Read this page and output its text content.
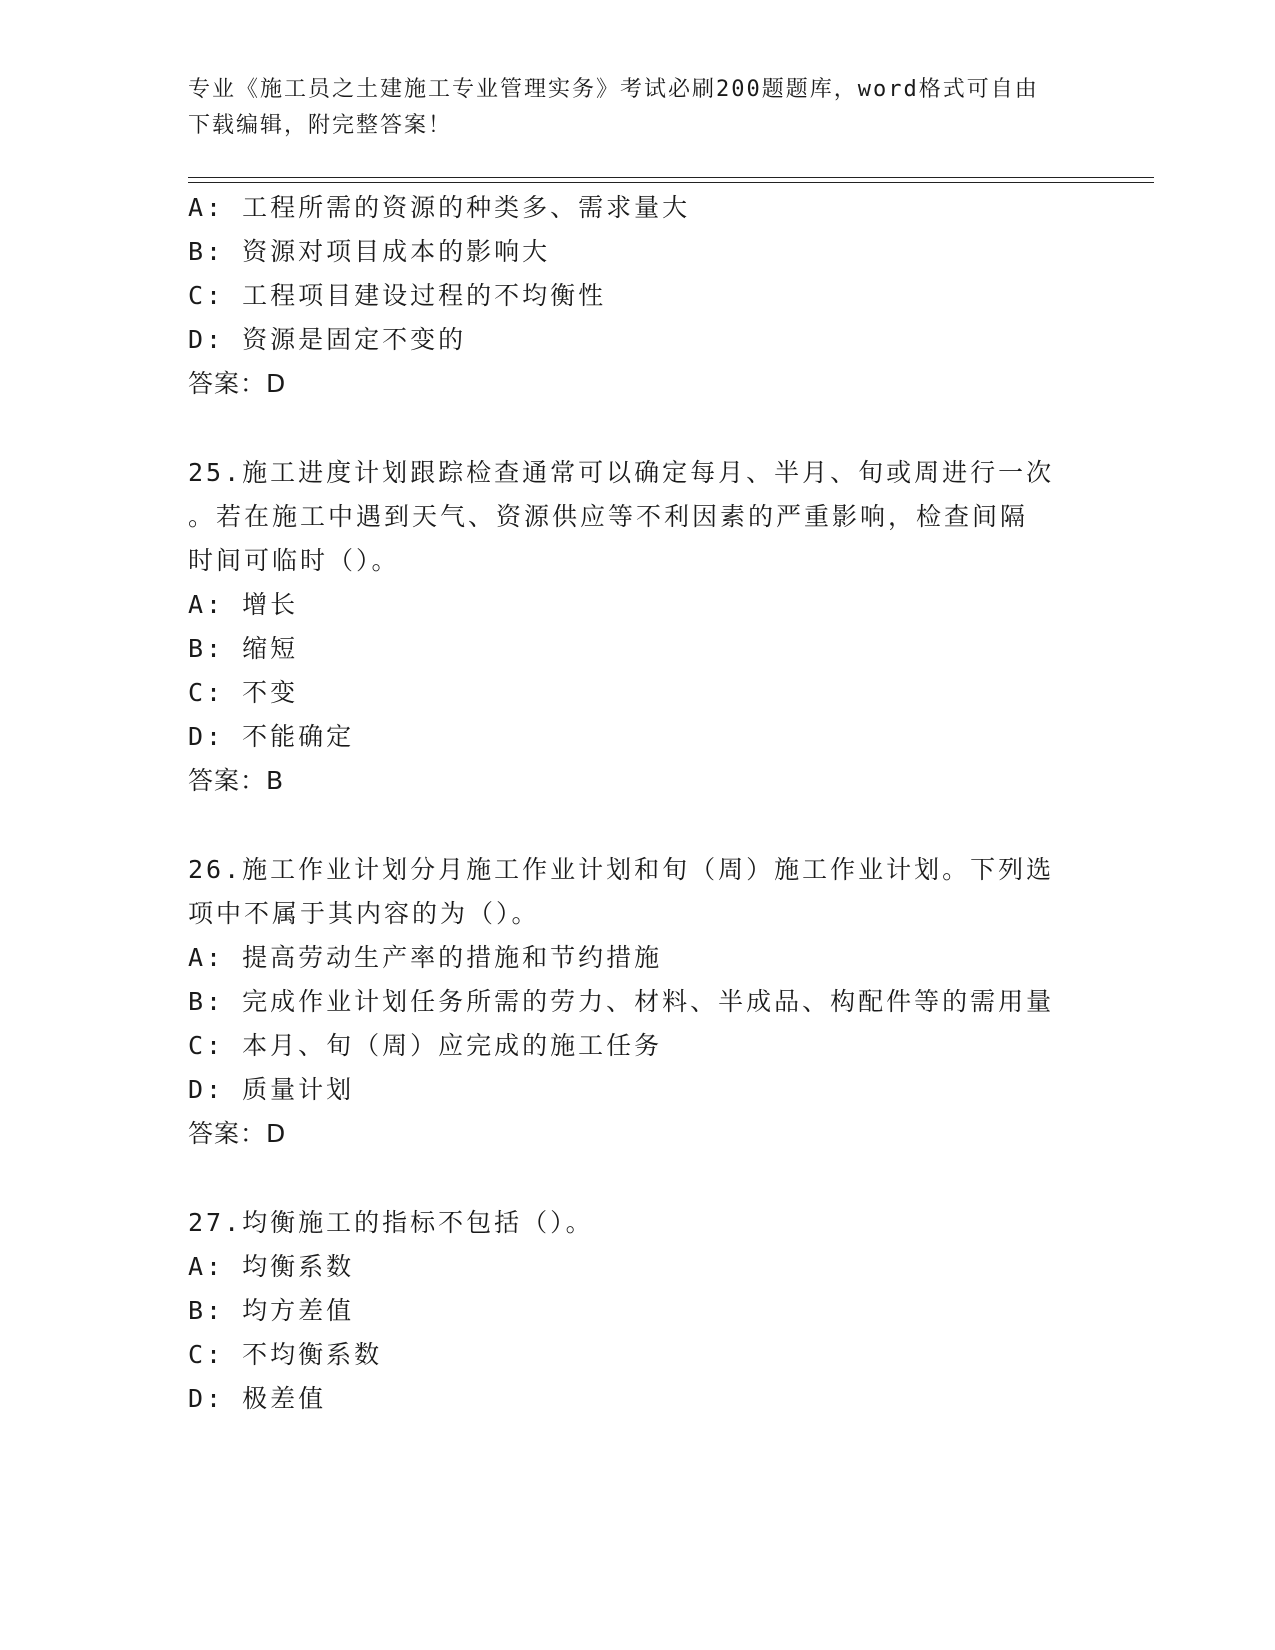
专业《施工员之土建施工专业管理实务》考试必刷200题题库，word格式可自由
下载编辑，附完整答案！
A: 工程所需的资源的种类多、需求量大
B: 资源对项目成本的影响大
C: 工程项目建设过程的不均衡性
D: 资源是固定不变的
答案：D
25.施工进度计划跟踪检查通常可以确定每月、半月、旬或周进行一次
。若在施工中遇到天气、资源供应等不利因素的严重影响，检查间隔
时间可临时（）。
A: 增长
B: 缩短
C: 不变
D: 不能确定
答案：B
26.施工作业计划分月施工作业计划和旬（周）施工作业计划。下列选
项中不属于其内容的为（）。
A: 提高劳动生产率的措施和节约措施
B: 完成作业计划任务所需的劳力、材料、半成品、构配件等的需用量
C: 本月、旬（周）应完成的施工任务
D: 质量计划
答案：D
27.均衡施工的指标不包括（）。
A: 均衡系数
B: 均方差值
C: 不均衡系数
D: 极差值
